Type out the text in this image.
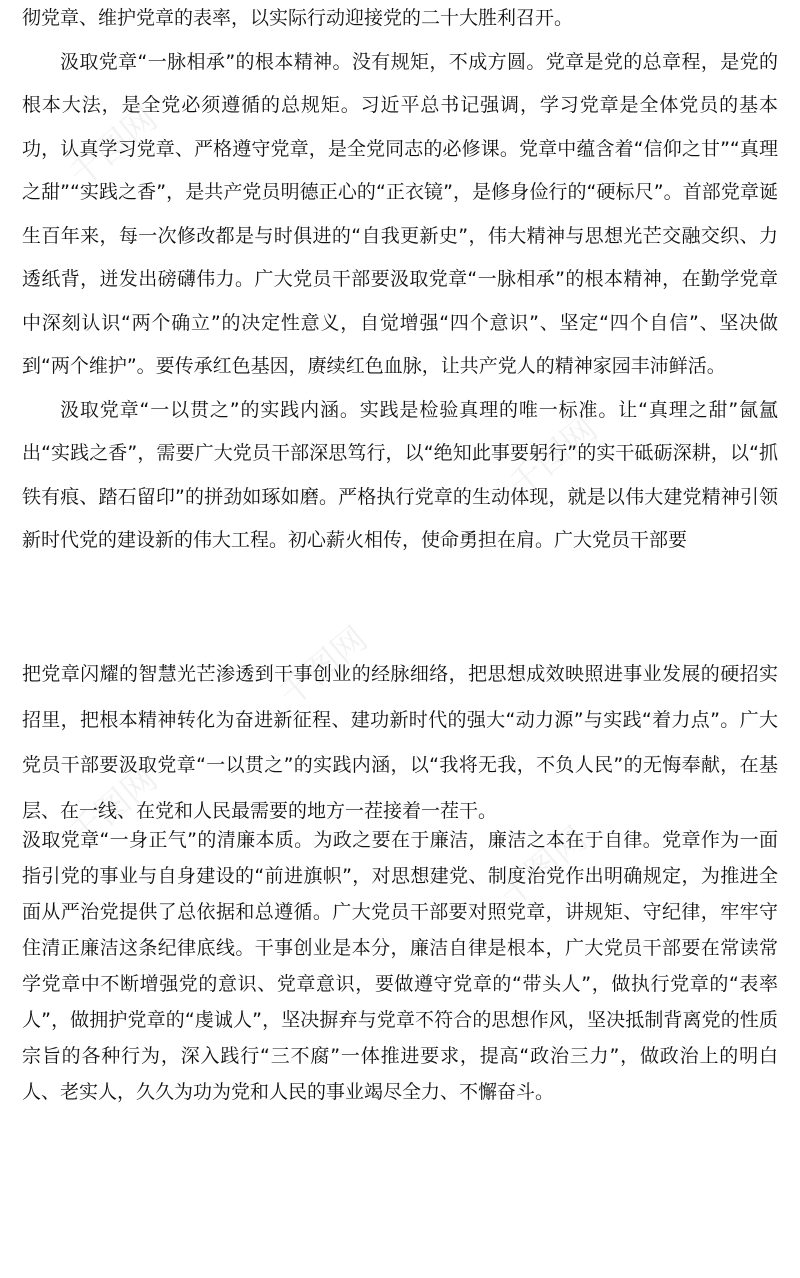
千图网
千图网
千图网
千图网
千图网

彻党章、维护党章的表率，以实际行动迎接党的二十大胜利召开。

汲取党章“一脉相承”的根本精神。没有规矩，不成方圆。党章是党的总章程，是党的根本大法，是全党必须遵循的总规矩。习近平总书记强调，学习党章是全体党员的基本功，认真学习党章、严格遵守党章，是全党同志的必修课。党章中蕴含着“信仰之甘”“真理之甜”“实践之香”，是共产党员明德正心的“正衣镜”，是修身俭行的“硬标尺”。首部党章诞生百年来，每一次修改都是与时俱进的“自我更新史”，伟大精神与思想光芒交融交织、力透纸背，迸发出磅礴伟力。广大党员干部要汲取党章“一脉相承”的根本精神，在勤学党章中深刻认识“两个确立”的决定性意义，自觉增强“四个意识”、坚定“四个自信”、坚决做到“两个维护”。要传承红色基因，赓续红色血脉，让共产党人的精神家园丰沛鲜活。

汲取党章“一以贯之”的实践内涵。实践是检验真理的唯一标准。让“真理之甜”氤氲出“实践之香”，需要广大党员干部深思笃行，以“绝知此事要躬行”的实干砥砺深耕，以“抓铁有痕、踏石留印”的拼劲如琢如磨。严格执行党章的生动体现，就是以伟大建党精神引领新时代党的建设新的伟大工程。初心薪火相传，使命勇担在肩。广大党员干部要

把党章闪耀的智慧光芒渗透到干事创业的经脉细络，把思想成效映照进事业发展的硬招实招里，把根本精神转化为奋进新征程、建功新时代的强大“动力源”与实践“着力点”。广大党员干部要汲取党章“一以贯之”的实践内涵，以“我将无我，不负人民”的无悔奉献，在基层、在一线、在党和人民最需要的地方一茬接着一茬干。

汲取党章“一身正气”的清廉本质。为政之要在于廉洁，廉洁之本在于自律。党章作为一面指引党的事业与自身建设的“前进旗帜”，对思想建党、制度治党作出明确规定，为推进全面从严治党提供了总依据和总遵循。广大党员干部要对照党章，讲规矩、守纪律，牢牢守住清正廉洁这条纪律底线。干事创业是本分，廉洁自律是根本，广大党员干部要在常读常学党章中不断增强党的意识、党章意识，要做遵守党章的“带头人”，做执行党章的“表率人”，做拥护党章的“虔诚人”，坚决摒弃与党章不符合的思想作风，坚决抵制背离党的性质宗旨的各种行为，深入践行“三不腐”一体推进要求，提高“政治三力”，做政治上的明白人、老实人，久久为功为党和人民的事业竭尽全力、不懈奋斗。
